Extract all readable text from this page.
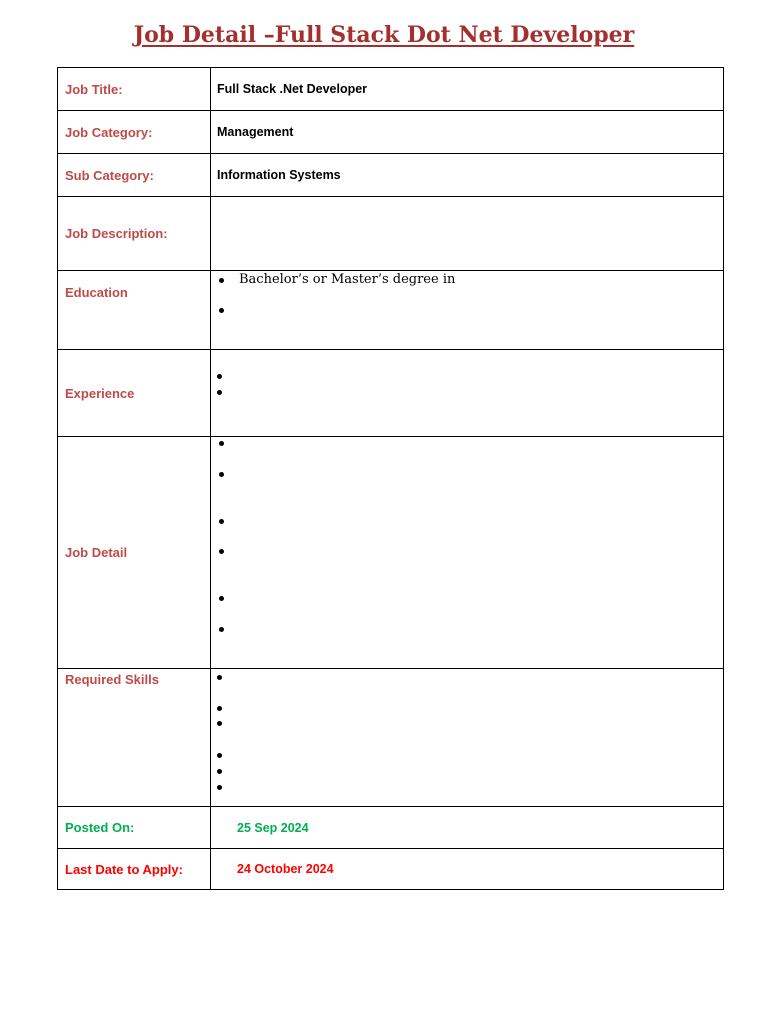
Job Detail –Full Stack Dot Net Developer
Job Title:	Full Stack .Net Developer
Job Category:	Management
Sub Category:	Information Systems
Job Description:	
Education	Bachelor’s or Master’s degree in

Experience	

Job Detail	

Required Skills	

Posted On:	25 Sep 2024
Last Date to Apply:	24 October 2024
